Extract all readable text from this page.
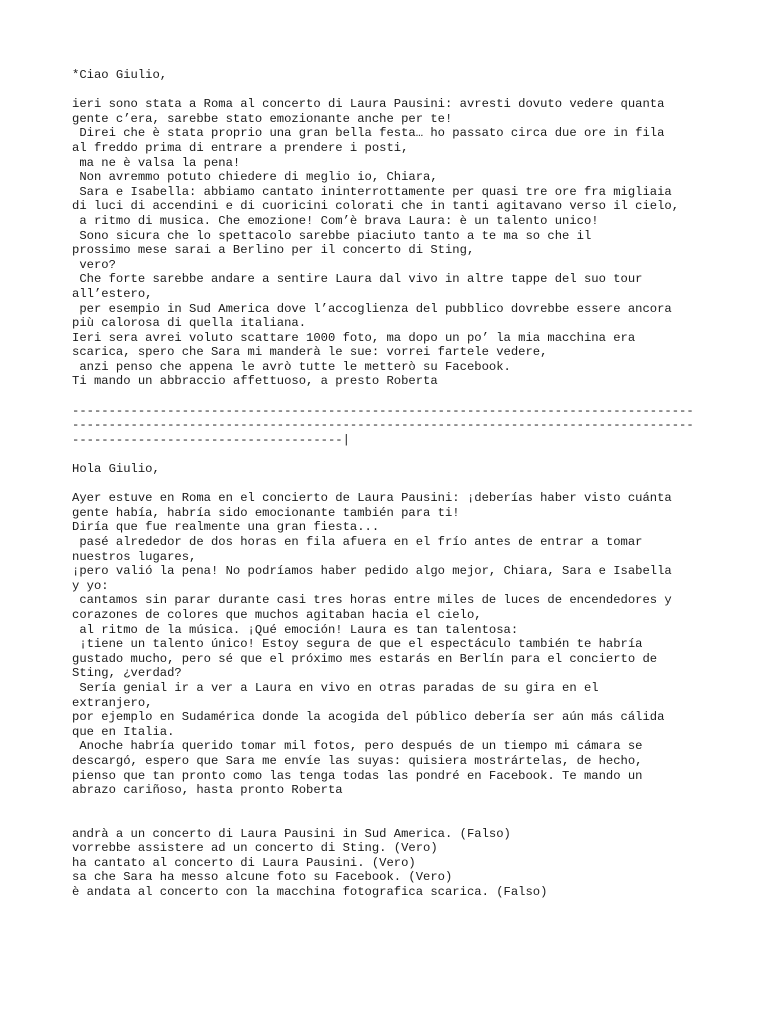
*Ciao Giulio,
ieri sono stata a Roma al concerto di Laura Pausini: avresti dovuto vedere quanta
gente c’era, sarebbe stato emozionante anche per te!
Direi che è stata proprio una gran bella festa… ho passato circa due ore in fila
al freddo prima di entrare a prendere i posti,
ma ne è valsa la pena!
Non avremmo potuto chiedere di meglio io, Chiara,
Sara e Isabella: abbiamo cantato ininterrottamente per quasi tre ore fra migliaia
di luci di accendini e di cuoricini colorati che in tanti agitavano verso il cielo,
a ritmo di musica. Che emozione! Com’è brava Laura: è un talento unico!
Sono sicura che lo spettacolo sarebbe piaciuto tanto a te ma so che il
prossimo mese sarai a Berlino per il concerto di Sting,
vero?
Che forte sarebbe andare a sentire Laura dal vivo in altre tappe del suo tour
all’estero,
per esempio in Sud America dove l’accoglienza del pubblico dovrebbe essere ancora
più calorosa di quella italiana.
Ieri sera avrei voluto scattare 1000 foto, ma dopo un po’ la mia macchina era
scarica, spero che Sara mi manderà le sue: vorrei fartele vedere,
anzi penso che appena le avrò tutte le metterò su Facebook.
Ti mando un abbraccio affettuoso, a presto Roberta
-------------------------------------------------------------------------------------
-------------------------------------------------------------------------------------
-------------------------------------|
Hola Giulio,
Ayer estuve en Roma en el concierto de Laura Pausini: ¡deberías haber visto cuánta
gente había, habría sido emocionante también para ti!
Diría que fue realmente una gran fiesta...
pasé alrededor de dos horas en fila afuera en el frío antes de entrar a tomar
nuestros lugares,
¡pero valió la pena! No podríamos haber pedido algo mejor, Chiara, Sara e Isabella
y yo:
cantamos sin parar durante casi tres horas entre miles de luces de encendedores y
corazones de colores que muchos agitaban hacia el cielo,
al ritmo de la música. ¡Qué emoción! Laura es tan talentosa:
¡tiene un talento único! Estoy segura de que el espectáculo también te habría
gustado mucho, pero sé que el próximo mes estarás en Berlín para el concierto de
Sting, ¿verdad?
Sería genial ir a ver a Laura en vivo en otras paradas de su gira en el
extranjero,
por ejemplo en Sudamérica donde la acogida del público debería ser aún más cálida
que en Italia.
Anoche habría querido tomar mil fotos, pero después de un tiempo mi cámara se
descargó, espero que Sara me envíe las suyas: quisiera mostrártelas, de hecho,
pienso que tan pronto como las tenga todas las pondré en Facebook. Te mando un
abrazo cariñoso, hasta pronto Roberta
andrà a un concerto di Laura Pausini in Sud America. (Falso)
vorrebbe assistere ad un concerto di Sting. (Vero)
ha cantato al concerto di Laura Pausini. (Vero)
sa che Sara ha messo alcune foto su Facebook. (Vero)
è andata al concerto con la macchina fotografica scarica. (Falso)
